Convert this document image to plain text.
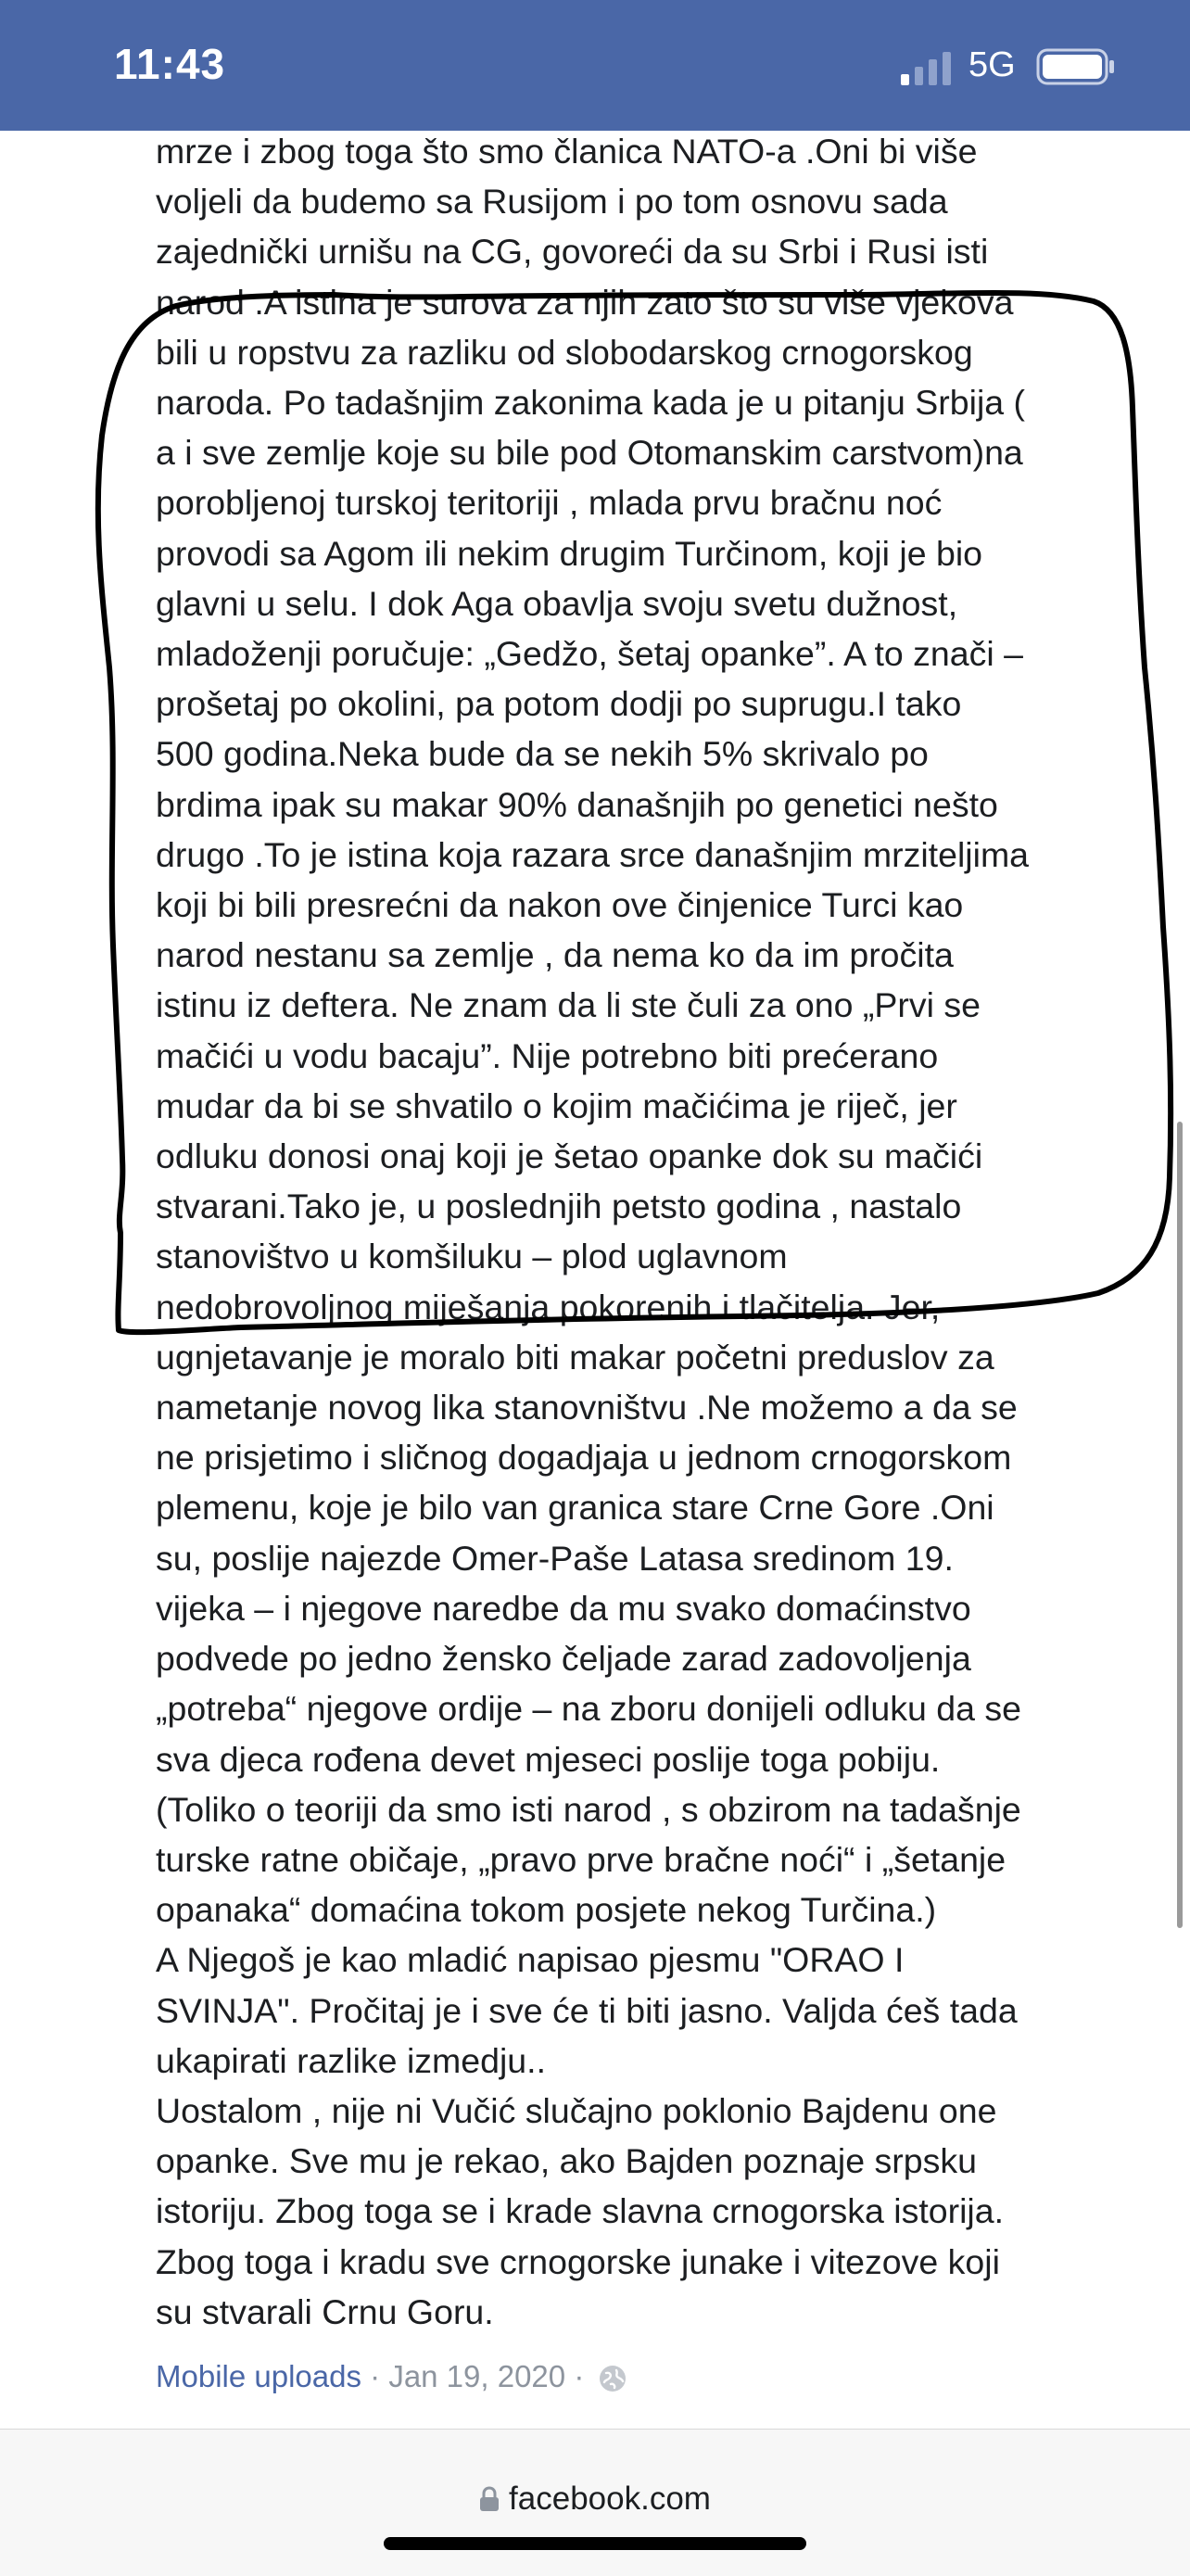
11:43	5G
mrze i zbog toga što smo članica NATO-a .Oni bi više
voljeli da budemo sa Rusijom i po tom osnovu sada
zajednički urnišu na CG, govoreći da su Srbi i Rusi isti
narod .A istina je surova za njih zato što su više vjekova
bili u ropstvu za razliku od slobodarskog crnogorskog
naroda. Po tadašnjim zakonima kada je u pitanju Srbija (
a i sve zemlje koje su bile pod Otomanskim carstvom)na
porobljenoj turskoj teritoriji , mlada prvu bračnu noć
provodi sa Agom ili nekim drugim Turčinom, koji je bio
glavni u selu. I dok Aga obavlja svoju svetu dužnost,
mladoženji poručuje: „Gedžo, šetaj opanke”. A to znači –
prošetaj po okolini, pa potom dodji po suprugu.I tako
500 godina.Neka bude da se nekih 5% skrivalo po
brdima ipak su makar 90% današnjih po genetici nešto
drugo .To je istina koja razara srce današnjim mrziteljima
koji bi bili presrećni da nakon ove činjenice Turci kao
narod nestanu sa zemlje , da nema ko da im pročita
istinu iz deftera. Ne znam da li ste čuli za ono „Prvi se
mačići u vodu bacaju”. Nije potrebno biti prećerano
mudar da bi se shvatilo o kojim mačićima je riječ, jer
odluku donosi onaj koji je šetao opanke dok su mačići
stvarani.Tako je, u poslednjih petsto godina , nastalo
stanovištvo u komšiluku – plod uglavnom
nedobrovoljnog miješanja pokorenih i tlačitelja. Jer,
ugnjetavanje je moralo biti makar početni preduslov za
nametanje novog lika stanovništvu .Ne možemo a da se
ne prisjetimo i sličnog dogadjaja u jednom crnogorskom
plemenu, koje je bilo van granica stare Crne Gore .Oni
su, poslije najezde Omer-Paše Latasa sredinom 19.
vijeka – i njegove naredbe da mu svako domaćinstvo
podvede po jedno žensko čeljade zarad zadovoljenja
„potreba“ njegove ordije – na zboru donijeli odluku da se
sva djeca rođena devet mjeseci poslije toga pobiju.
(Toliko o teoriji da smo isti narod , s obzirom na tadašnje
turske ratne običaje, „pravo prve bračne noći“ i „šetanje
opanaka“ domaćina tokom posjete nekog Turčina.)
A Njegoš je kao mladić napisao pjesmu "ORAO I
SVINJA". Pročitaj je i sve će ti biti jasno. Valjda ćeš tada
ukapirati razlike izmedju..
Uostalom , nije ni Vučić slučajno poklonio Bajdenu one
opanke. Sve mu je rekao, ako Bajden poznaje srpsku
istoriju. Zbog toga se i krade slavna crnogorska istorija.
Zbog toga i kradu sve crnogorske junake i vitezove koji
su stvarali Crnu Goru.
Mobile uploads · Jan 19, 2020 ·
facebook.com
